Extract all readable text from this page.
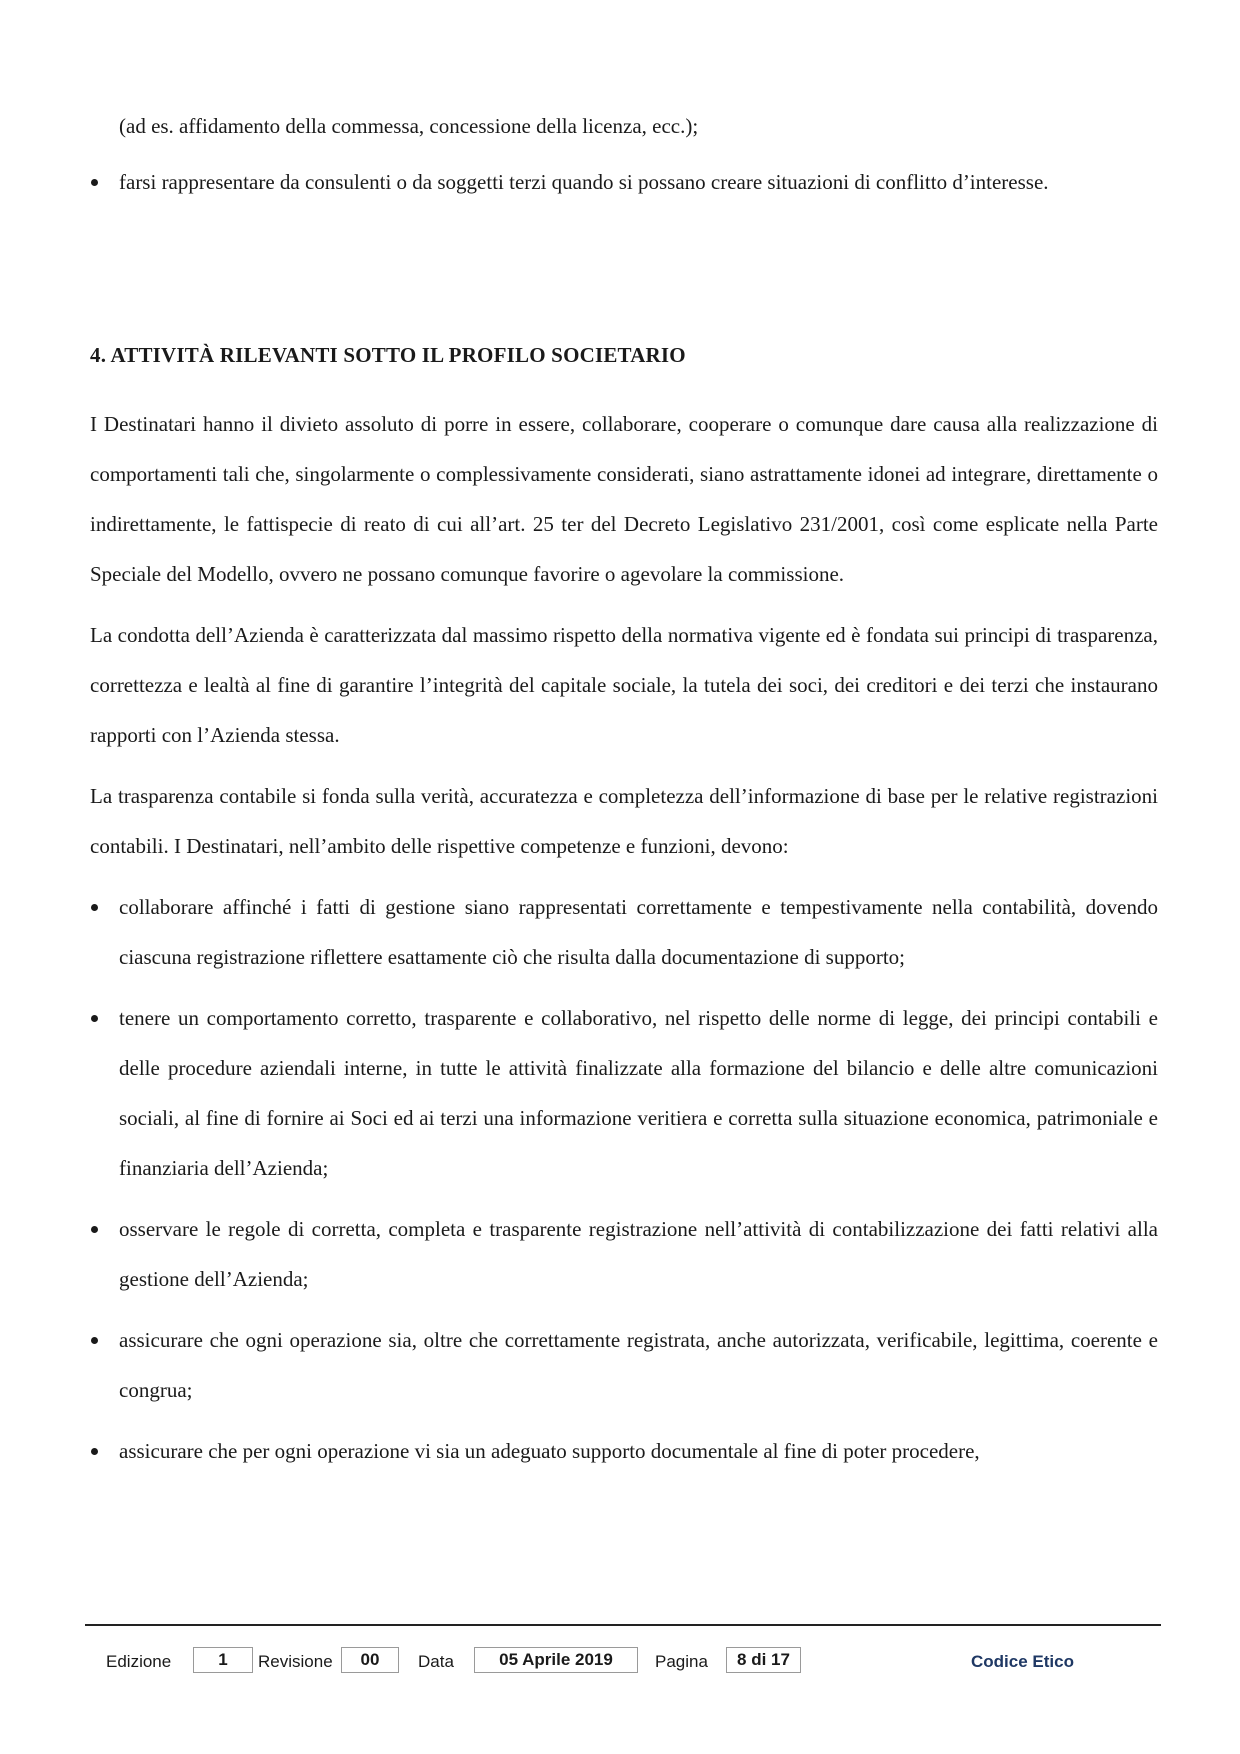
(ad es. affidamento della commessa, concessione della licenza, ecc.);

farsi rappresentare da consulenti o da soggetti terzi quando si possano creare situazioni di conflitto d’interesse.
4. ATTIVITÀ RILEVANTI SOTTO IL PROFILO SOCIETARIO

I Destinatari hanno il divieto assoluto di porre in essere, collaborare, cooperare o comunque dare causa alla realizzazione di comportamenti tali che, singolarmente o complessivamente considerati, siano astrattamente idonei ad integrare, direttamente o indirettamente, le fattispecie di reato di cui all’art. 25 ter del Decreto Legislativo 231/2001, così come esplicate nella Parte Speciale del Modello, ovvero ne possano comunque favorire o agevolare la commissione.

La condotta dell’Azienda è caratterizzata dal massimo rispetto della normativa vigente ed è fondata sui principi di trasparenza, correttezza e lealtà al fine di garantire l’integrità del capitale sociale, la tutela dei soci, dei creditori e dei terzi che instaurano rapporti con l’Azienda stessa.

La trasparenza contabile si fonda sulla verità, accuratezza e completezza dell’informazione di base per le relative registrazioni contabili. I Destinatari, nell’ambito delle rispettive competenze e funzioni, devono:

collaborare affinché i fatti di gestione siano rappresentati correttamente e tempestivamente nella contabilità, dovendo ciascuna registrazione riflettere esattamente ciò che risulta dalla documentazione di supporto;
tenere un comportamento corretto, trasparente e collaborativo, nel rispetto delle norme di legge, dei principi contabili e delle procedure aziendali interne, in tutte le attività finalizzate alla formazione del bilancio e delle altre comunicazioni sociali, al fine di fornire ai Soci ed ai terzi una informazione veritiera e corretta sulla situazione economica, patrimoniale e finanziaria dell’Azienda;
osservare le regole di corretta, completa e trasparente registrazione nell’attività di contabilizzazione dei fatti relativi alla gestione dell’Azienda;
assicurare che ogni operazione sia, oltre che correttamente registrata, anche autorizzata, verificabile, legittima, coerente e congrua;
assicurare che per ogni operazione vi sia un adeguato supporto documentale al fine di poter procedere,
Edizione	1	Revisione	00	Data	05 Aprile 2019	Pagina	8 di 17	Codice Etico
